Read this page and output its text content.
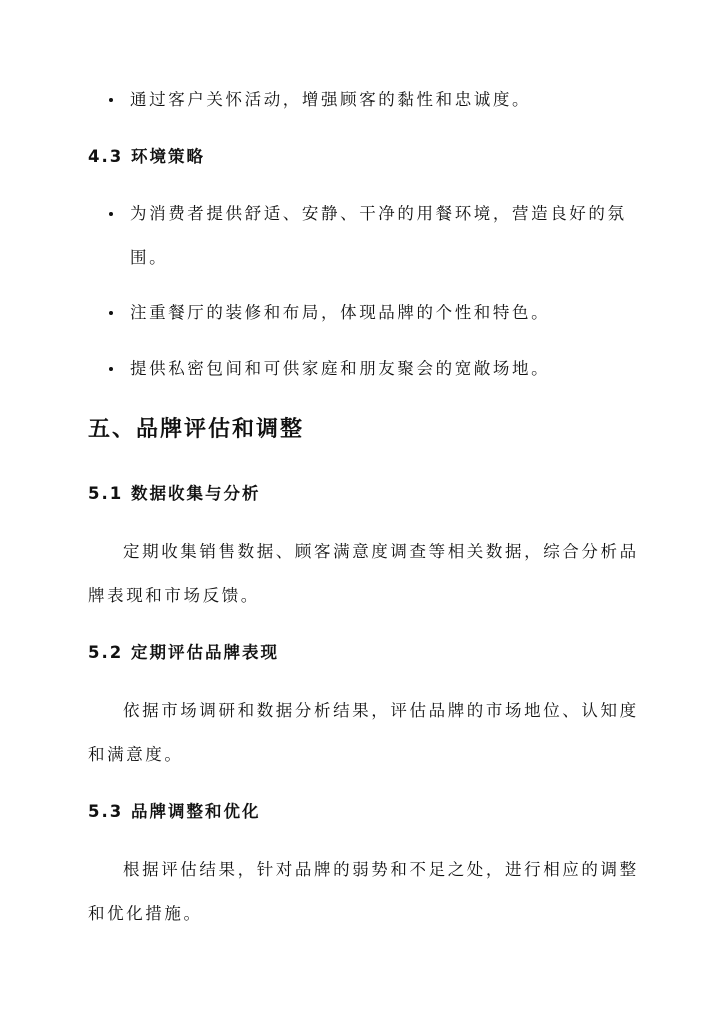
通过客户关怀活动，增强顾客的黏性和忠诚度。
4.3 环境策略
为消费者提供舒适、安静、干净的用餐环境，营造良好的氛
围。
注重餐厅的装修和布局，体现品牌的个性和特色。
提供私密包间和可供家庭和朋友聚会的宽敞场地。
五、品牌评估和调整
5.1 数据收集与分析
定期收集销售数据、顾客满意度调查等相关数据，综合分析品
牌表现和市场反馈。
5.2 定期评估品牌表现
依据市场调研和数据分析结果，评估品牌的市场地位、认知度
和满意度。
5.3 品牌调整和优化
根据评估结果，针对品牌的弱势和不足之处，进行相应的调整
和优化措施。
